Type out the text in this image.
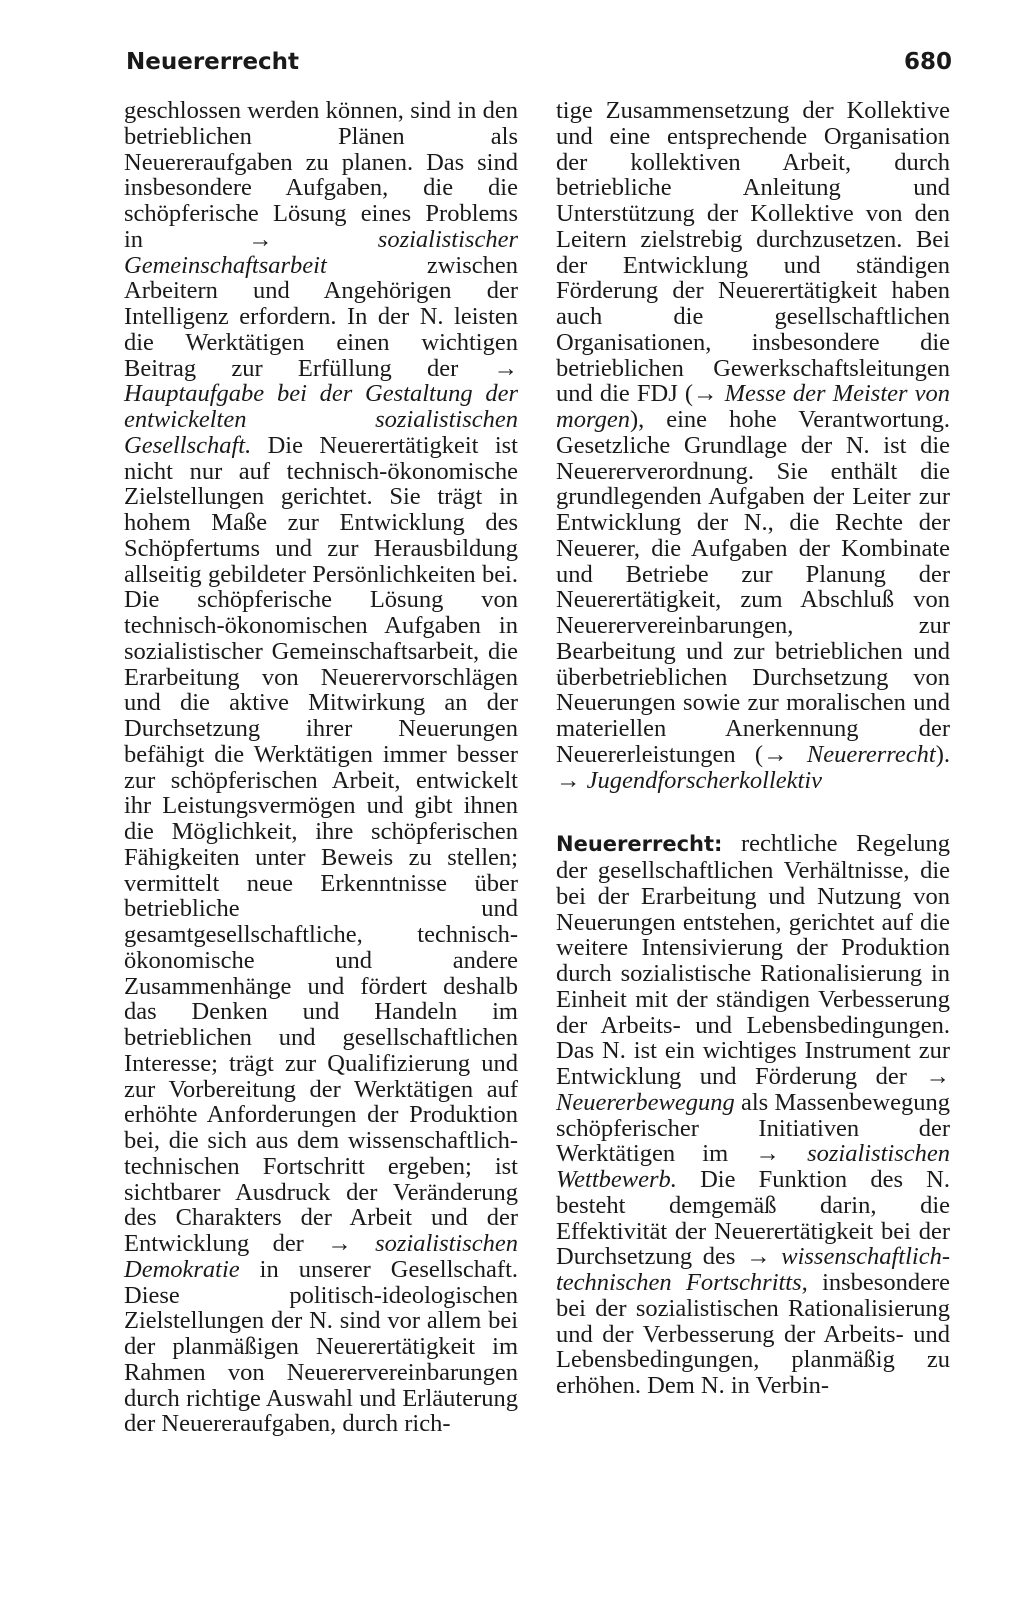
Neuererrecht	680

geschlossen werden können, sind in den betrieblichen Plänen als Neuereraufgaben zu planen. Das sind insbesondere Aufgaben, die die schöpferische Lösung eines Problems in →	sozialistischer Gemeinschaftsarbeit zwischen Arbeitern und Angehörigen der Intelligenz erfordern. In der N. leisten die Werktätigen einen wichtigen Beitrag zur Erfüllung der → Hauptaufgabe bei der Gestaltung der entwickelten sozialistischen Gesellschaft. Die Neuerertätigkeit ist nicht nur auf technisch-ökonomische Zielstellungen gerichtet. Sie trägt in hohem Maße zur Entwicklung des Schöpfertums und zur Herausbildung allseitig gebildeter Persönlichkeiten bei. Die schöpferische Lösung von technisch-ökonomischen Aufgaben in sozialistischer Gemeinschaftsarbeit, die Erarbeitung von Neuerervorschlägen und die aktive Mitwirkung an der Durchsetzung ihrer Neuerungen befähigt die Werktätigen immer besser zur schöpferischen Arbeit, entwickelt ihr Leistungsvermögen und gibt ihnen die Möglichkeit, ihre schöpferischen Fähigkeiten unter Beweis zu stellen; vermittelt neue Erkenntnisse über betriebliche und gesamtgesellschaftliche, technisch-ökonomische und andere Zusammenhänge und fördert deshalb das Denken und Handeln im betrieblichen und gesellschaftlichen Interesse; trägt zur Qualifizierung und zur Vorbereitung der Werktätigen auf erhöhte Anforderungen der Produktion bei, die sich aus dem wissenschaftlich-technischen Fortschritt ergeben; ist sichtbarer Ausdruck der Veränderung des Charakters der Arbeit und der Entwicklung der → sozialistischen Demokratie in unserer Gesellschaft. Diese politisch-ideologischen Zielstellungen der N. sind vor allem bei der planmäßigen Neuerertätigkeit im Rahmen von Neuerervereinbarungen durch richtige Auswahl und Erläuterung der Neuereraufgaben, durch rich-

tige Zusammensetzung der Kollektive und eine entsprechende Organisation der kollektiven Arbeit, durch betriebliche Anleitung und Unterstützung der Kollektive von den Leitern zielstrebig durchzusetzen. Bei der Entwicklung und ständigen Förderung der Neuerertätigkeit haben auch die gesellschaftlichen Organisationen, insbesondere die betrieblichen Gewerkschaftsleitungen und die FDJ (→ Messe der Meister von morgen), eine hohe Verantwortung. Gesetzliche Grundlage der N. ist die Neuererverordnung. Sie enthält die grundlegenden Aufgaben der Leiter zur Entwicklung der N., die Rechte der Neuerer, die Aufgaben der Kombinate und Betriebe zur Planung der Neuerertätigkeit, zum Abschluß von Neuerervereinbarungen, zur Bearbeitung und zur betrieblichen und überbetrieblichen Durchsetzung von Neuerungen sowie zur moralischen und materiellen Anerkennung der Neuererleistungen (→ Neuererrecht). → Jugendforscherkollektiv

Neuererrecht: rechtliche Regelung der gesellschaftlichen Verhältnisse, die bei der Erarbeitung und Nutzung von Neuerungen entstehen, gerichtet auf die weitere Intensivierung der Produktion durch sozialistische Rationalisierung in Einheit mit der ständigen Verbesserung der Arbeits- und Lebensbedingungen. Das N. ist ein wichtiges Instrument zur Entwicklung und Förderung der → Neuererbewegung als Massenbewegung schöpferischer Initiativen der Werktätigen im → sozialistischen Wettbewerb. Die Funktion des N. besteht demgemäß darin, die Effektivität der Neuerertätigkeit bei der Durchsetzung des → wissenschaftlich-technischen Fortschritts, insbesondere bei der sozialistischen Rationalisierung und der Verbesserung der Arbeits- und Lebensbedingungen, planmäßig zu erhöhen. Dem N. in Verbin-
